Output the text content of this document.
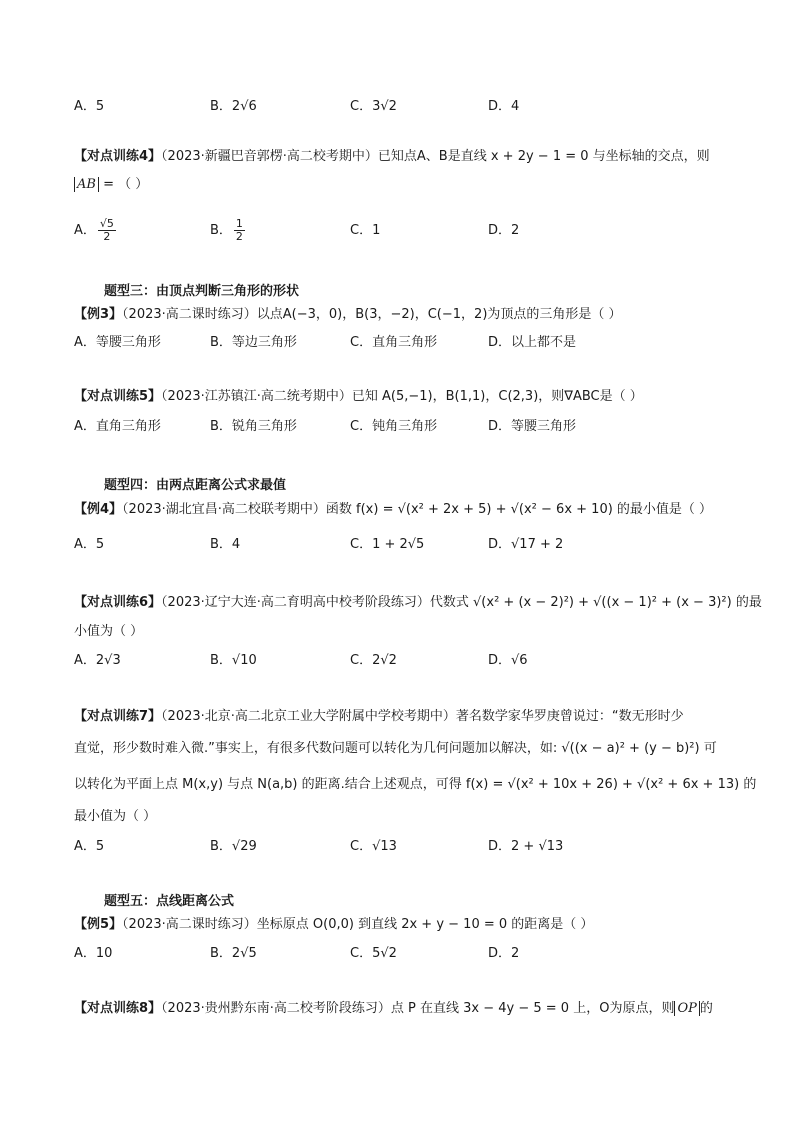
A．5	B．2√6	C．3√2	D．4
【对点训练4】（2023·新疆巴音郭楞·高二校考期中）已知点A、B是直线 x + 2y − 1 = 0 与坐标轴的交点，则
AB = （ ）
A． $\frac{√5}{2}$	B． $\frac{1}{2}$	C．1	D．2
题型三：由顶点判断三角形的形状
【例3】（2023·高二课时练习）以点A(−3，0)，B(3，−2)，C(−1，2)为顶点的三角形是（ ）
A．等腰三角形	B．等边三角形	C．直角三角形	D．以上都不是
【对点训练5】（2023·江苏镇江·高二统考期中）已知 A(5,−1)，B(1,1)，C(2,3)，则∇ABC是（ ）
A．直角三角形	B．锐角三角形	C．钝角三角形	D．等腰三角形
题型四：由两点距离公式求最值
【例4】（2023·湖北宜昌·高二校联考期中）函数 f(x) = √(x² + 2x + 5) + √(x² − 6x + 10) 的最小值是（ ）
A．5	B．4	C．1 + 2√5	D．√17 + 2
【对点训练6】（2023·辽宁大连·高二育明高中校考阶段练习）代数式 √(x² + (x − 2)²) + √((x − 1)² + (x − 3)²) 的最
小值为（ ）
A．2√3	B．√10	C．2√2	D．√6
【对点训练7】（2023·北京·高二北京工业大学附属中学校考期中）著名数学家华罗庚曾说过：“数无形时少
直觉，形少数时难入微.”事实上，有很多代数问题可以转化为几何问题加以解决，如: √((x − a)² + (y − b)²) 可
以转化为平面上点 M(x,y) 与点 N(a,b) 的距离.结合上述观点，可得 f(x) = √(x² + 10x + 26) + √(x² + 6x + 13) 的
最小值为（ ）
A．5	B．√29	C．√13	D．2 + √13
题型五：点线距离公式
【例5】（2023·高二课时练习）坐标原点 O(0,0) 到直线 2x + y − 10 = 0 的距离是（ ）
A．10	B．2√5	C．5√2	D．2
【对点训练8】（2023·贵州黔东南·高二校考阶段练习）点 P 在直线 3x − 4y − 5 = 0 上，O为原点，则 OP 的
